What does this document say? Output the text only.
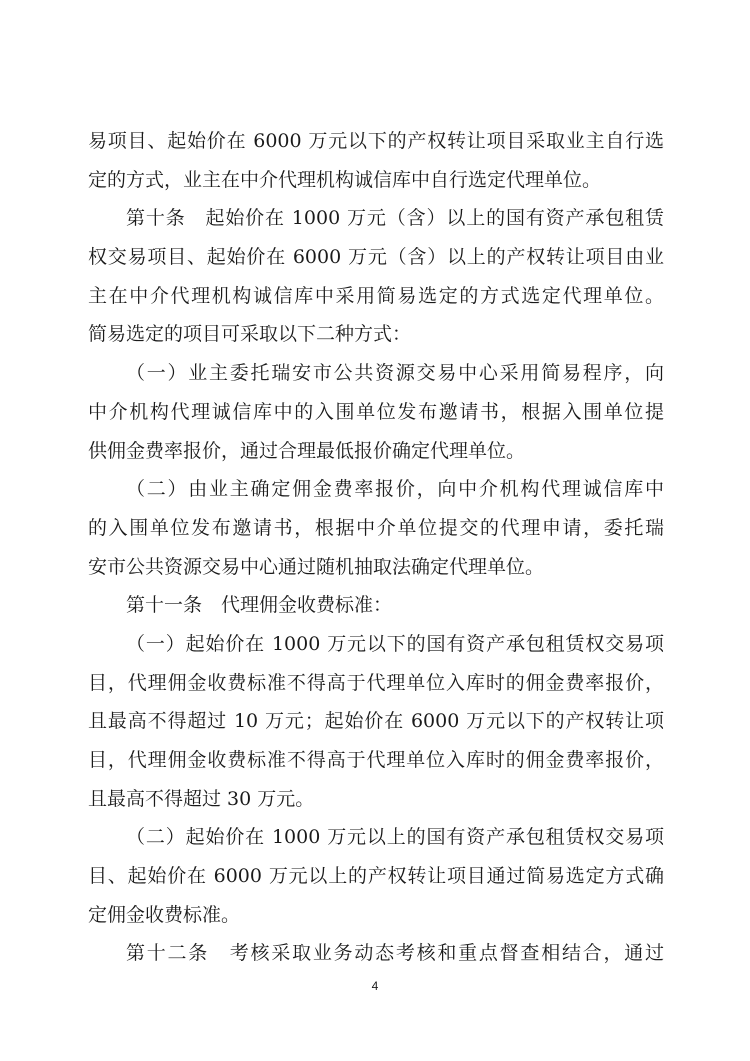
易项目、起始价在 6000 万元以下的产权转让项目采取业主自行选
定的方式，业主在中介代理机构诚信库中自行选定代理单位。
第十条　起始价在 1000 万元（含）以上的国有资产承包租赁
权交易项目、起始价在 6000 万元（含）以上的产权转让项目由业
主在中介代理机构诚信库中采用简易选定的方式选定代理单位。
简易选定的项目可采取以下二种方式：
（一）业主委托瑞安市公共资源交易中心采用简易程序，向
中介机构代理诚信库中的入围单位发布邀请书，根据入围单位提
供佣金费率报价，通过合理最低报价确定代理单位。
（二）由业主确定佣金费率报价，向中介机构代理诚信库中
的入围单位发布邀请书，根据中介单位提交的代理申请，委托瑞
安市公共资源交易中心通过随机抽取法确定代理单位。
第十一条　代理佣金收费标准：
（一）起始价在 1000 万元以下的国有资产承包租赁权交易项
目，代理佣金收费标准不得高于代理单位入库时的佣金费率报价，
且最高不得超过 10 万元；起始价在 6000 万元以下的产权转让项
目，代理佣金收费标准不得高于代理单位入库时的佣金费率报价，
且最高不得超过 30 万元。
（二）起始价在 1000 万元以上的国有资产承包租赁权交易项
目、起始价在 6000 万元以上的产权转让项目通过简易选定方式确
定佣金收费标准。
第十二条　考核采取业务动态考核和重点督查相结合，通过
4
